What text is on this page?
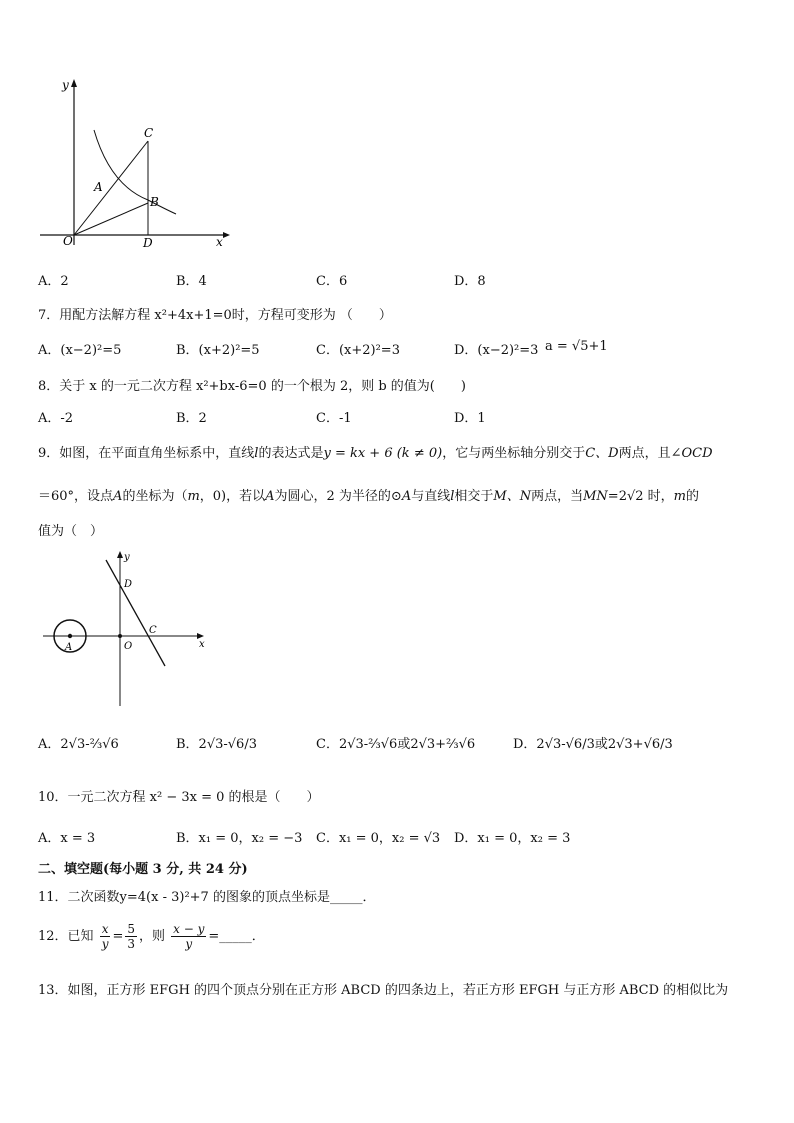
y
x
O
A
B
C
D
A．2	B．4	C．6	D．8
7．用配方法解方程 x²+4x+1=0时，方程可变形为 （　　）
A．(x−2)²=5	B．(x+2)²=5	C．(x+2)²=3	D．(x−2)²=3 a = √5+1
8．关于 x 的一元二次方程 x²+bx-6=0 的一个根为 2，则 b 的值为(　　)
A．-2	B．2	C．-1	D．1
9．如图，在平面直角坐标系中，直线l的表达式是y = kx + 6 (k ≠ 0)，它与两坐标轴分别交于C、D两点，且∠OCD
＝60°，设点A的坐标为（m，0)，若以A为圆心，2 为半径的⊙A与直线l相交于M、N两点，当MN=2√2 时，m的
值为（　）
y
x
O
A
C
D
A．2√3-⅔√6	B．2√3-√6/3	C．2√3-⅔√6或2√3+⅔√6	D．2√3-√6/3或2√3+√6/3
10．一元二次方程 x² − 3x = 0 的根是（　　）
A．x = 3	B．x₁ = 0，x₂ = −3 C．x₁ = 0，x₂ = √3 D．x₁ = 0，x₂ = 3
二、填空题(每小题 3 分, 共 24 分)
11．二次函数y=4(x - 3)²+7 的图象的顶点坐标是_____．
12．已知 $\frac{x}{y} = \frac{5}{3}$ ，则 $\frac{x - y}{y}$ =_____．
13．如图，正方形 EFGH 的四个顶点分别在正方形 ABCD 的四条边上，若正方形 EFGH 与正方形 ABCD 的相似比为
